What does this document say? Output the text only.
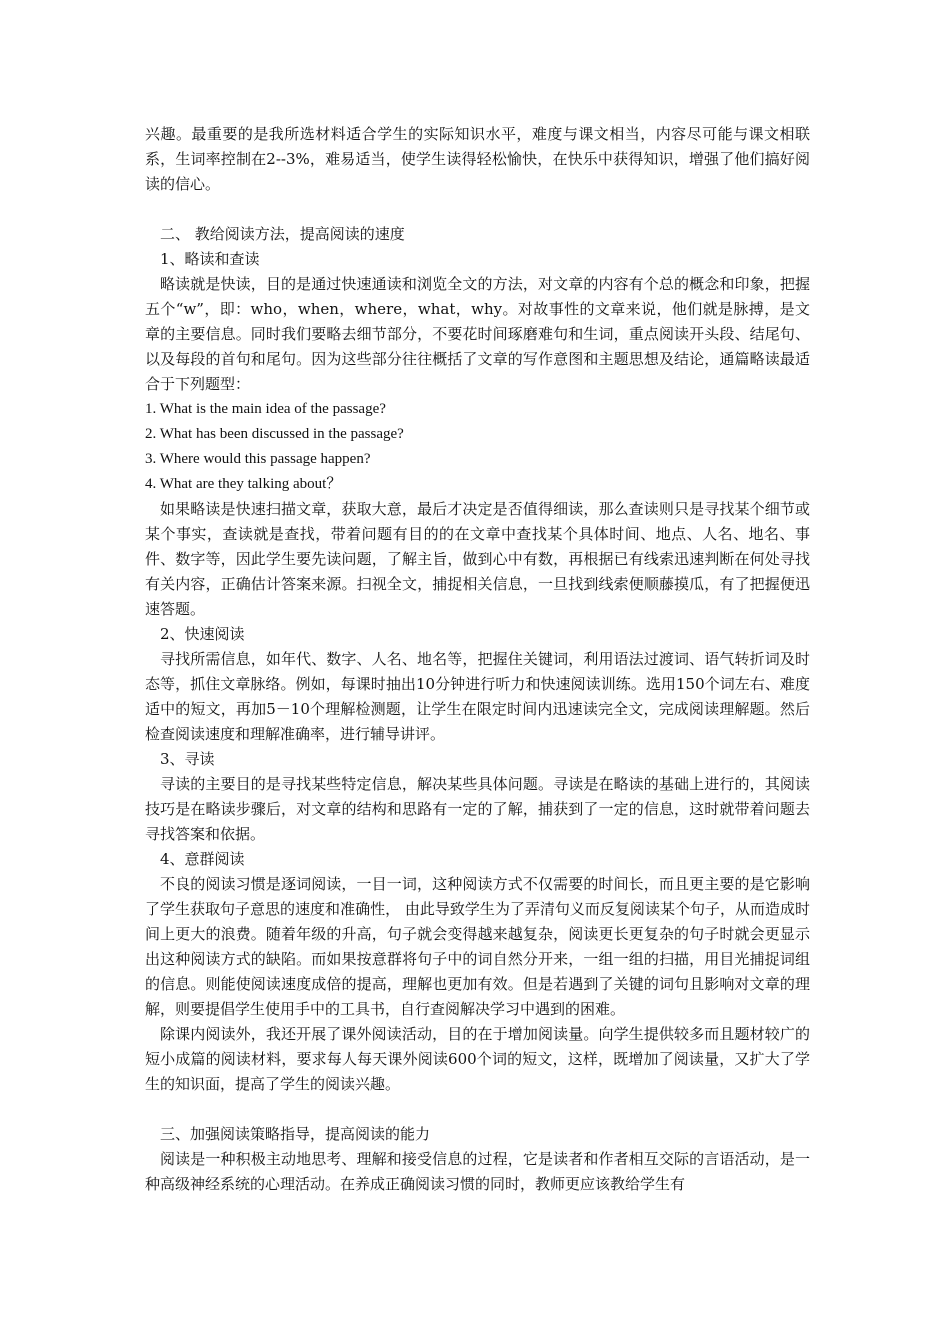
兴趣。最重要的是我所选材料适合学生的实际知识水平，难度与课文相当，内容尽可能与课文相联系，生词率控制在2--3%，难易适当，使学生读得轻松愉快，在快乐中获得知识，增强了他们搞好阅读的信心。

二、 教给阅读方法，提高阅读的速度

1、略读和查读

略读就是快读，目的是通过快速通读和浏览全文的方法，对文章的内容有个总的概念和印象，把握五个“w”，即：who，when，where，what，why。对故事性的文章来说，他们就是脉搏，是文章的主要信息。同时我们要略去细节部分，不要花时间琢磨难句和生词，重点阅读开头段、结尾句、以及每段的首句和尾句。因为这些部分往往概括了文章的写作意图和主题思想及结论，通篇略读最适合于下列题型：

1. What is the main idea of the passage?

2. What has been discussed in the passage?

3. Where would this passage happen?

4. What are they talking about？

如果略读是快速扫描文章，获取大意，最后才决定是否值得细读，那么查读则只是寻找某个细节或某个事实，查读就是查找，带着问题有目的的在文章中查找某个具体时间、地点、人名、地名、事件、数字等，因此学生要先读问题，了解主旨，做到心中有数，再根据已有线索迅速判断在何处寻找有关内容，正确估计答案来源。扫视全文，捕捉相关信息，一旦找到线索便顺藤摸瓜，有了把握便迅速答题。

2、快速阅读

寻找所需信息，如年代、数字、人名、地名等，把握住关键词，利用语法过渡词、语气转折词及时态等，抓住文章脉络。例如，每课时抽出10分钟进行听力和快速阅读训练。选用150个词左右、难度适中的短文，再加5－10个理解检测题，让学生在限定时间内迅速读完全文，完成阅读理解题。然后检查阅读速度和理解准确率，进行辅导讲评。

3、寻读

寻读的主要目的是寻找某些特定信息，解决某些具体问题。寻读是在略读的基础上进行的，其阅读技巧是在略读步骤后，对文章的结构和思路有一定的了解，捕获到了一定的信息，这时就带着问题去寻找答案和依据。

4、意群阅读

不良的阅读习惯是逐词阅读，一目一词，这种阅读方式不仅需要的时间长，而且更主要的是它影响了学生获取句子意思的速度和准确性， 由此导致学生为了弄清句义而反复阅读某个句子，从而造成时间上更大的浪费。随着年级的升高，句子就会变得越来越复杂，阅读更长更复杂的句子时就会更显示出这种阅读方式的缺陷。而如果按意群将句子中的词自然分开来，一组一组的扫描，用目光捕捉词组的信息。则能使阅读速度成倍的提高，理解也更加有效。但是若遇到了关键的词句且影响对文章的理解，则要提倡学生使用手中的工具书，自行查阅解决学习中遇到的困难。

除课内阅读外，我还开展了课外阅读活动，目的在于增加阅读量。向学生提供较多而且题材较广的短小成篇的阅读材料，要求每人每天课外阅读600个词的短文，这样，既增加了阅读量，又扩大了学生的知识面，提高了学生的阅读兴趣。

三、加强阅读策略指导，提高阅读的能力

阅读是一种积极主动地思考、理解和接受信息的过程，它是读者和作者相互交际的言语活动，是一种高级神经系统的心理活动。在养成正确阅读习惯的同时，教师更应该教给学生有
